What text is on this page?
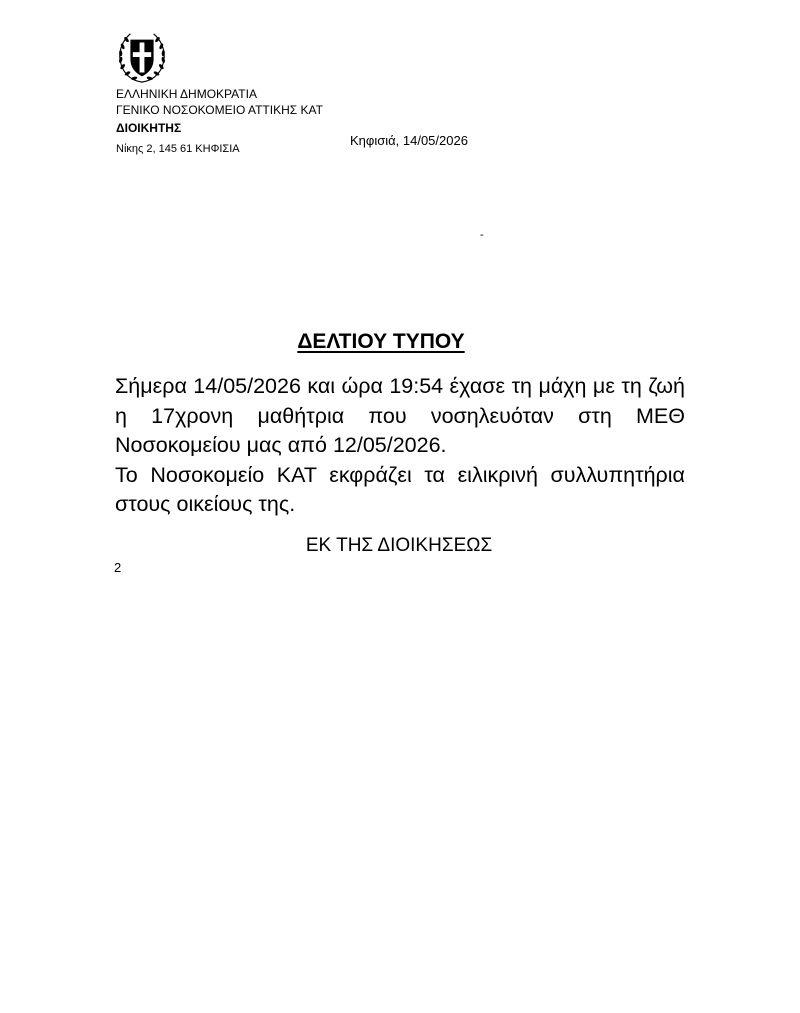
ΕΛΛΗΝΙΚΗ ΔΗΜΟΚΡΑΤΙΑ
ΓΕΝΙΚΟ ΝΟΣΟΚΟΜΕΙΟ ΑΤΤΙΚΗΣ ΚΑΤ
ΔΙΟΙΚΗΤΗΣ
Νίκης 2, 145 61 ΚΗΦΙΣΙΑ
Κηφισιά, 14/05/2026
-
ΔΕΛΤΙΟΥ ΤΥΠΟΥ

Σήμερα 14/05/2026 και ώρα 19:54 έχασε τη μάχη με τη ζωή η 17χρονη μαθήτρια που νοσηλευόταν στη ΜΕΘ Νοσοκομείου μας από 12/05/2026.

Το Νοσοκομείο ΚΑΤ εκφράζει τα ειλικρινή συλλυπητήρια στους οικείους της.

ΕΚ ΤΗΣ ΔΙΟΙΚΗΣΕΩΣ
2
